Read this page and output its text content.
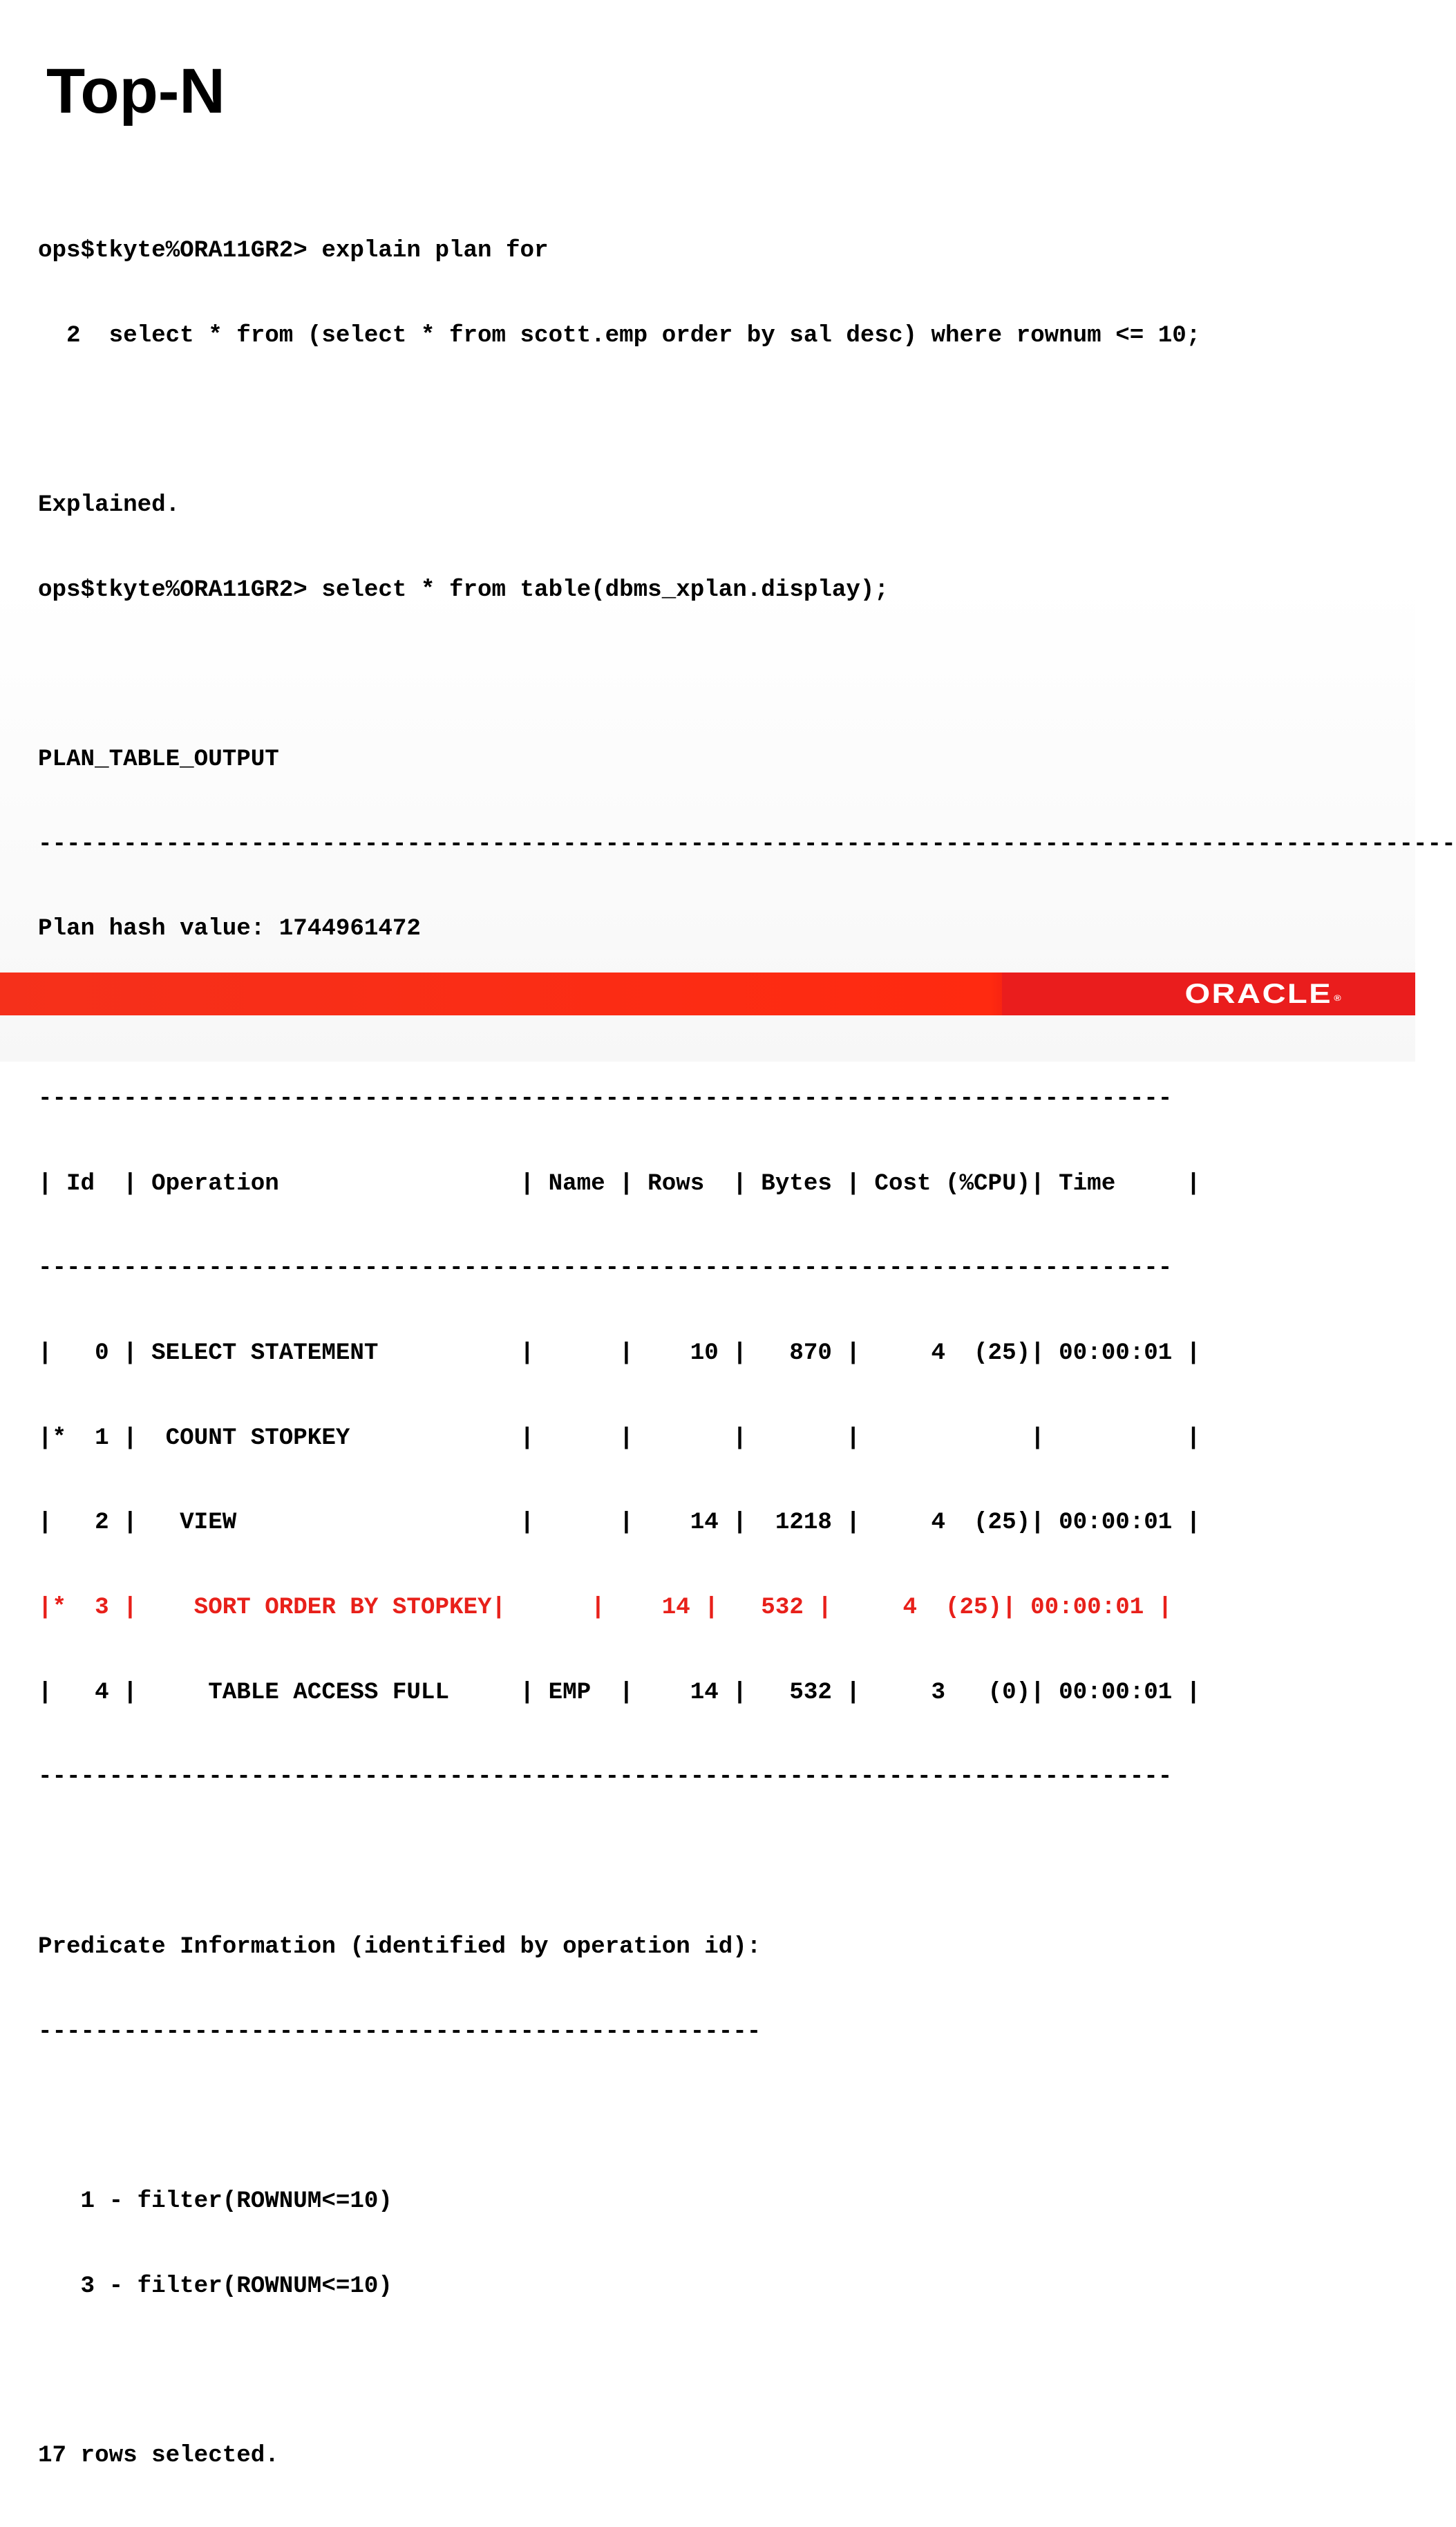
Top-N

ops$tkyte%ORA11GR2> explain plan for

2  select * from (select * from scott.emp order by sal desc) where rownum <= 10;

Explained.

ops$tkyte%ORA11GR2> select * from table(dbms_xplan.display);

PLAN_TABLE_OUTPUT

----------------------------------------------------------------------------------------------------

Plan hash value: 1744961472

--------------------------------------------------------------------------------

| Id  | Operation                 | Name | Rows  | Bytes | Cost (%CPU)| Time     |

--------------------------------------------------------------------------------

|   0 | SELECT STATEMENT          |      |    10 |   870 |     4  (25)| 00:00:01 |

|*  1 |  COUNT STOPKEY            |      |       |       |            |          |

|   2 |   VIEW                    |      |    14 |  1218 |     4  (25)| 00:00:01 |

|*  3 |    SORT ORDER BY STOPKEY|      |    14 |   532 |     4  (25)| 00:00:01 |

|   4 |     TABLE ACCESS FULL     | EMP  |    14 |   532 |     3   (0)| 00:00:01 |

--------------------------------------------------------------------------------

Predicate Information (identified by operation id):

---------------------------------------------------

1 - filter(ROWNUM<=10)

3 - filter(ROWNUM<=10)

17 rows selected.

ORACLE ®
